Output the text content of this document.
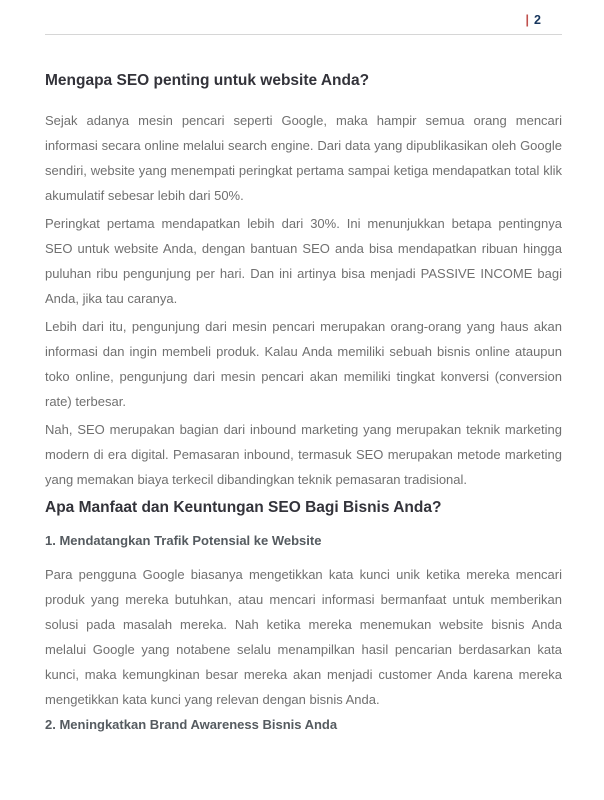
| 2
Mengapa SEO penting untuk website Anda?

Sejak adanya mesin pencari seperti Google, maka hampir semua orang mencari informasi secara online melalui search engine. Dari data yang dipublikasikan oleh Google sendiri, website yang menempati peringkat pertama sampai ketiga mendapatkan total klik akumulatif sebesar lebih dari 50%.

Peringkat pertama mendapatkan lebih dari 30%. Ini menunjukkan betapa pentingnya SEO untuk website Anda, dengan bantuan SEO anda bisa mendapatkan ribuan hingga puluhan ribu pengunjung per hari. Dan ini artinya bisa menjadi PASSIVE INCOME bagi Anda, jika tau caranya.

Lebih dari itu, pengunjung dari mesin pencari merupakan orang-orang yang haus akan informasi dan ingin membeli produk. Kalau Anda memiliki sebuah bisnis online ataupun toko online, pengunjung dari mesin pencari akan memiliki tingkat konversi (conversion rate) terbesar.

Nah, SEO merupakan bagian dari inbound marketing yang merupakan teknik marketing modern di era digital. Pemasaran inbound, termasuk SEO merupakan metode marketing yang memakan biaya terkecil dibandingkan teknik pemasaran tradisional.

Apa Manfaat dan Keuntungan SEO Bagi Bisnis Anda?
1. Mendatangkan Trafik Potensial ke Website

Para pengguna Google biasanya mengetikkan kata kunci unik ketika mereka mencari produk yang mereka butuhkan, atau mencari informasi bermanfaat untuk memberikan solusi pada masalah mereka. Nah ketika mereka menemukan website bisnis Anda melalui Google yang notabene selalu menampilkan hasil pencarian berdasarkan kata kunci, maka kemungkinan besar mereka akan menjadi customer Anda karena mereka mengetikkan kata kunci yang relevan dengan bisnis Anda.

2. Meningkatkan Brand Awareness Bisnis Anda
